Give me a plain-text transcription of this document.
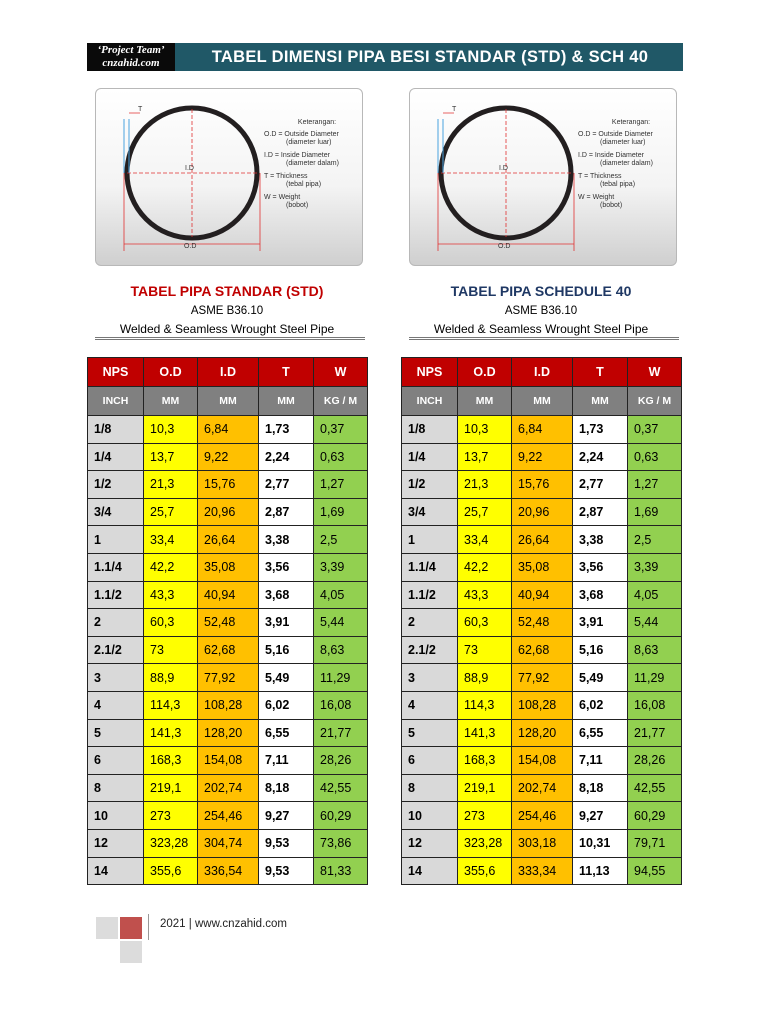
‘Project Team’
cnzahid.com	TABEL DIMENSI PIPA BESI STANDAR (STD) & SCH 40
T
I.D
O.D
Keterangan:
O.D = Outside Diameter
(diameter luar)
I.D = Inside Diameter
(diameter dalam)
T = Thickness
(tebal pipa)
W = Weight
(bobot)
T
I.D
O.D
Keterangan:
O.D = Outside Diameter
(diameter luar)
I.D = Inside Diameter
(diameter dalam)
T = Thickness
(tebal pipa)
W = Weight
(bobot)
TABEL PIPA STANDAR (STD)
ASME B36.10
Welded & Seamless Wrought Steel Pipe
TABEL PIPA SCHEDULE 40
ASME B36.10
Welded & Seamless Wrought Steel Pipe
NPS	O.D	I.D	T	W
INCH	MM	MM	MM	KG / M
1/8	10,3	6,84	1,73	0,37
1/4	13,7	9,22	2,24	0,63
1/2	21,3	15,76	2,77	1,27
3/4	25,7	20,96	2,87	1,69
1	33,4	26,64	3,38	2,5
1.1/4	42,2	35,08	3,56	3,39
1.1/2	43,3	40,94	3,68	4,05
2	60,3	52,48	3,91	5,44
2.1/2	73	62,68	5,16	8,63
3	88,9	77,92	5,49	11,29
4	114,3	108,28	6,02	16,08
5	141,3	128,20	6,55	21,77
6	168,3	154,08	7,11	28,26
8	219,1	202,74	8,18	42,55
10	273	254,46	9,27	60,29
12	323,28	304,74	9,53	73,86
14	355,6	336,54	9,53	81,33
NPS	O.D	I.D	T	W
INCH	MM	MM	MM	KG / M
1/8	10,3	6,84	1,73	0,37
1/4	13,7	9,22	2,24	0,63
1/2	21,3	15,76	2,77	1,27
3/4	25,7	20,96	2,87	1,69
1	33,4	26,64	3,38	2,5
1.1/4	42,2	35,08	3,56	3,39
1.1/2	43,3	40,94	3,68	4,05
2	60,3	52,48	3,91	5,44
2.1/2	73	62,68	5,16	8,63
3	88,9	77,92	5,49	11,29
4	114,3	108,28	6,02	16,08
5	141,3	128,20	6,55	21,77
6	168,3	154,08	7,11	28,26
8	219,1	202,74	8,18	42,55
10	273	254,46	9,27	60,29
12	323,28	303,18	10,31	79,71
14	355,6	333,34	11,13	94,55
2021 | www.cnzahid.com
